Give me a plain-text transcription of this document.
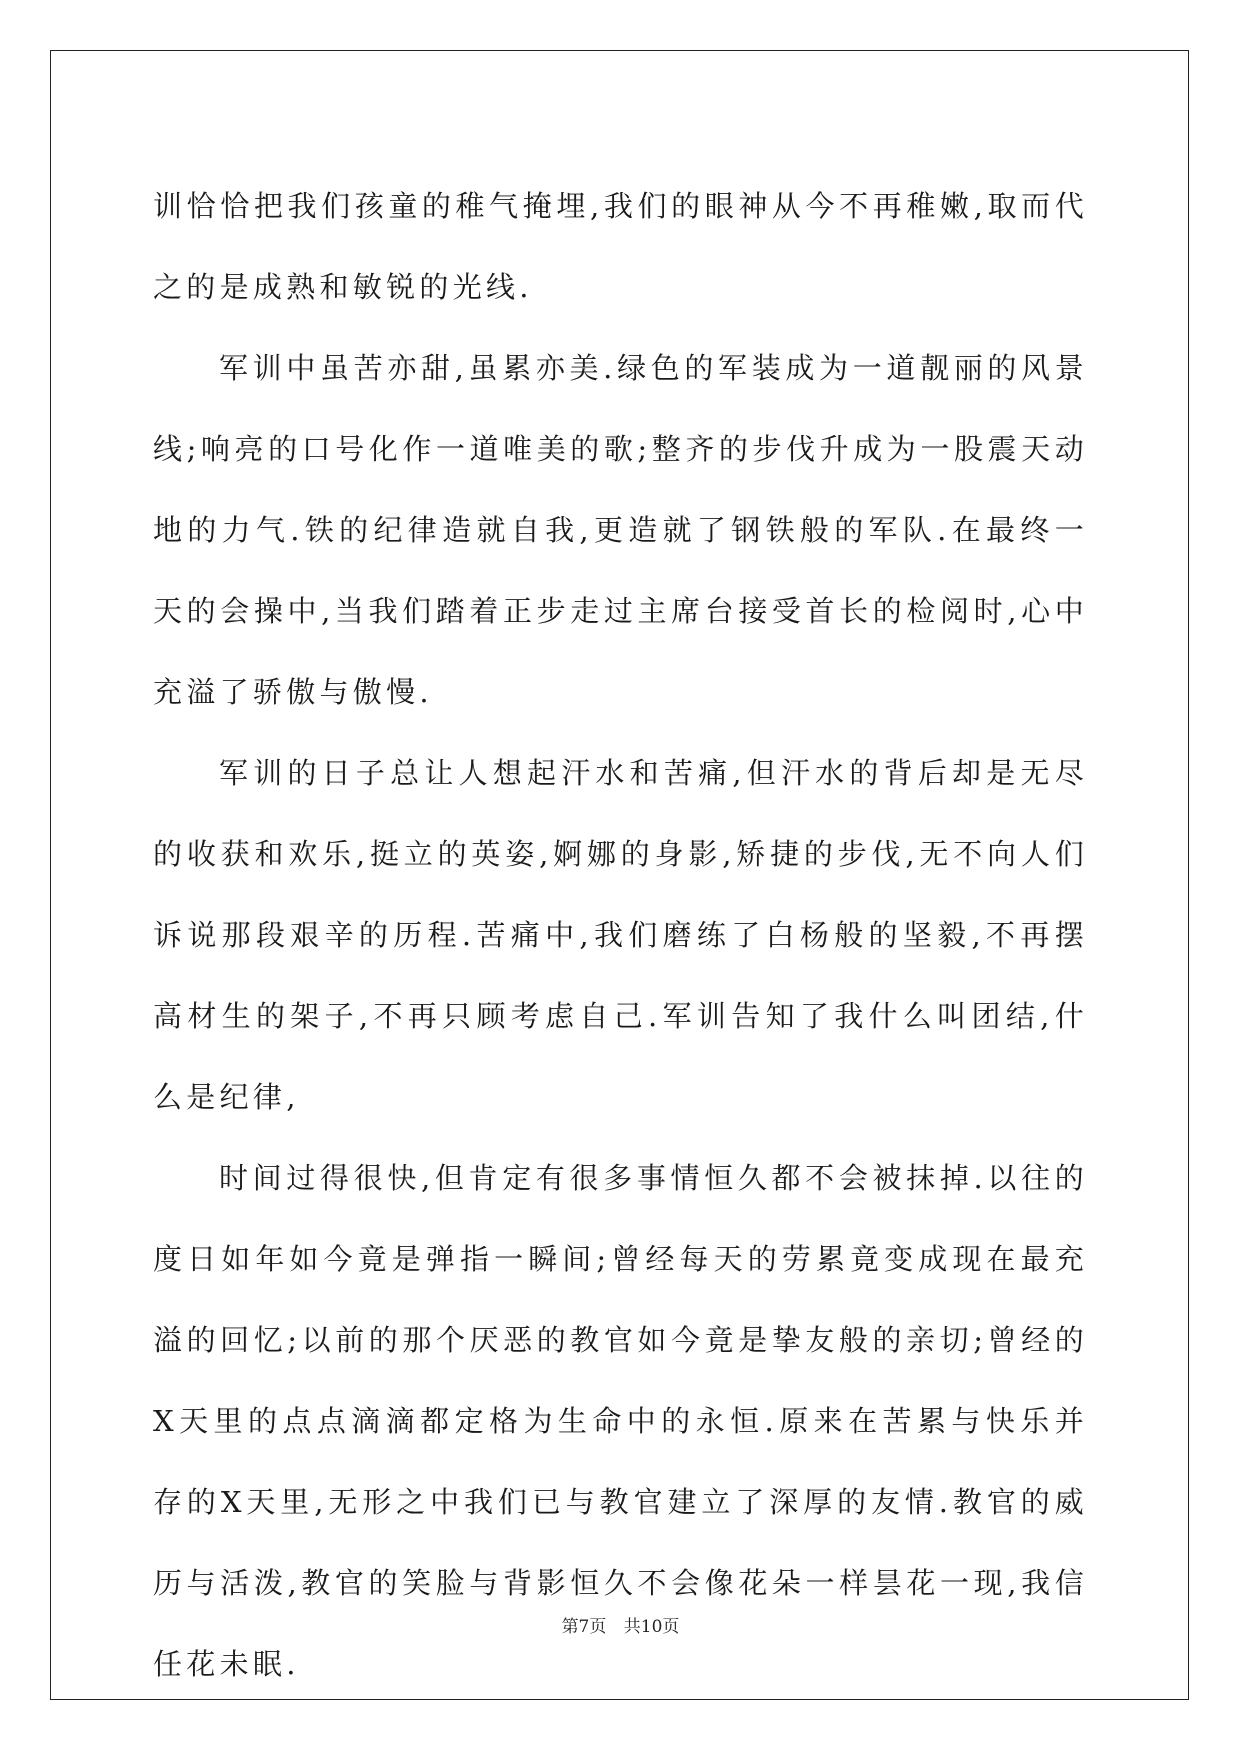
训恰恰把我们孩童的稚气掩埋,我们的眼神从今不再稚嫩,取而代之的是成熟和敏锐的光线.

军训中虽苦亦甜,虽累亦美.绿色的军装成为一道靓丽的风景线;响亮的口号化作一道唯美的歌;整齐的步伐升成为一股震天动地的力气.铁的纪律造就自我,更造就了钢铁般的军队.在最终一天的会操中,当我们踏着正步走过主席台接受首长的检阅时,心中充溢了骄傲与傲慢.

军训的日子总让人想起汗水和苦痛,但汗水的背后却是无尽的收获和欢乐,挺立的英姿,婀娜的身影,矫捷的步伐,无不向人们诉说那段艰辛的历程.苦痛中,我们磨练了白杨般的坚毅,不再摆高材生的架子,不再只顾考虑自己.军训告知了我什么叫团结,什么是纪律,

时间过得很快,但肯定有很多事情恒久都不会被抹掉.以往的度日如年如今竟是弹指一瞬间;曾经每天的劳累竟变成现在最充溢的回忆;以前的那个厌恶的教官如今竟是挚友般的亲切;曾经的X天里的点点滴滴都定格为生命中的永恒.原来在苦累与快乐并存的X天里,无形之中我们已与教官建立了深厚的友情.教官的威历与活泼,教官的笑脸与背影恒久不会像花朵一样昙花一现,我信任花未眠.

第7页 共10页
